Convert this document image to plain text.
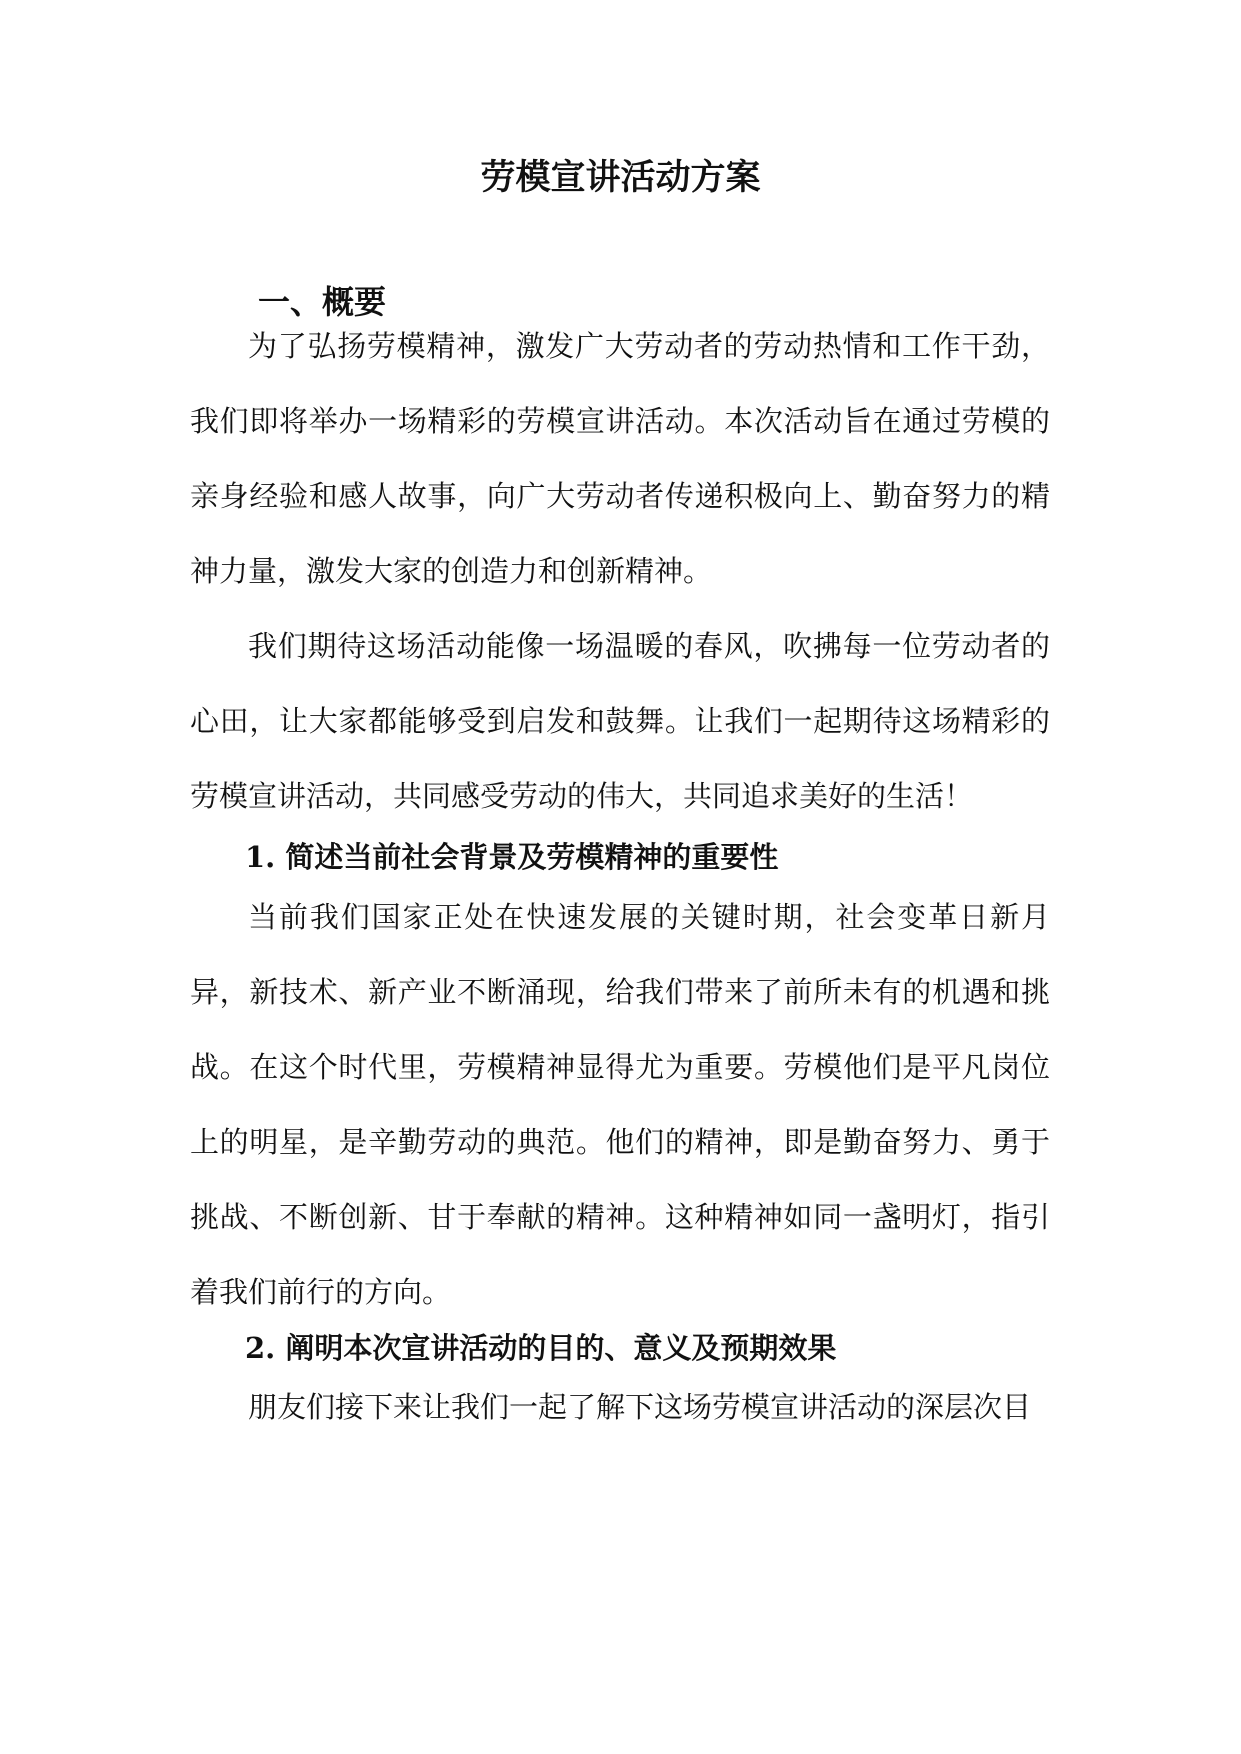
劳模宣讲活动方案
一、概要

为了弘扬劳模精神，激发广大劳动者的劳动热情和工作干劲，我们即将举办一场精彩的劳模宣讲活动。本次活动旨在通过劳模的亲身经验和感人故事，向广大劳动者传递积极向上、勤奋努力的精神力量，激发大家的创造力和创新精神。

我们期待这场活动能像一场温暖的春风，吹拂每一位劳动者的心田，让大家都能够受到启发和鼓舞。让我们一起期待这场精彩的劳模宣讲活动，共同感受劳动的伟大，共同追求美好的生活！

1. 简述当前社会背景及劳模精神的重要性

当前我们国家正处在快速发展的关键时期，社会变革日新月异，新技术、新产业不断涌现，给我们带来了前所未有的机遇和挑战。在这个时代里，劳模精神显得尤为重要。劳模他们是平凡岗位上的明星，是辛勤劳动的典范。他们的精神，即是勤奋努力、勇于挑战、不断创新、甘于奉献的精神。这种精神如同一盏明灯，指引着我们前行的方向。

2. 阐明本次宣讲活动的目的、意义及预期效果

朋友们接下来让我们一起了解下这场劳模宣讲活动的深层次目
